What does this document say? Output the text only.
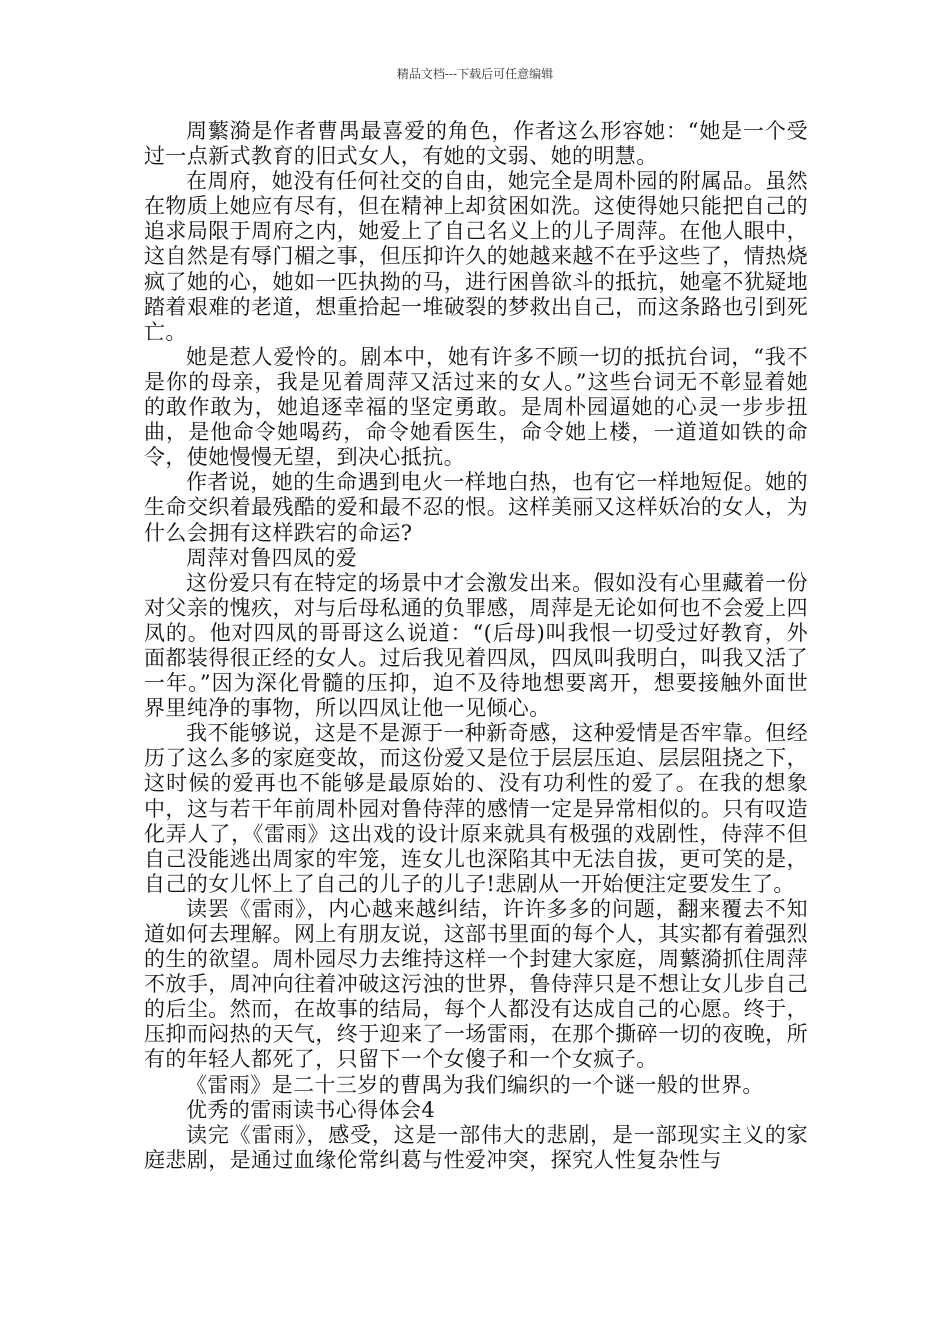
精品文档---下载后可任意编辑

周蘩漪是作者曹禺最喜爱的角色，作者这么形容她：“她是一个受过一点新式教育的旧式女人，有她的文弱、她的明慧。

在周府，她没有任何社交的自由，她完全是周朴园的附属品。虽然在物质上她应有尽有，但在精神上却贫困如洗。这使得她只能把自己的追求局限于周府之内，她爱上了自己名义上的儿子周萍。在他人眼中，这自然是有辱门楣之事，但压抑许久的她越来越不在乎这些了，情热烧疯了她的心，她如一匹执拗的马，进行困兽欲斗的抵抗，她毫不犹疑地踏着艰难的老道，想重拾起一堆破裂的梦救出自己，而这条路也引到死亡。

她是惹人爱怜的。剧本中，她有许多不顾一切的抵抗台词，“我不是你的母亲，我是见着周萍又活过来的女人。”这些台词无不彰显着她的敢作敢为，她追逐幸福的坚定勇敢。是周朴园逼她的心灵一步步扭曲，是他命令她喝药，命令她看医生，命令她上楼，一道道如铁的命令，使她慢慢无望，到决心抵抗。

作者说，她的生命遇到电火一样地白热，也有它一样地短促。她的生命交织着最残酷的爱和最不忍的恨。这样美丽又这样妖冶的女人，为什么会拥有这样跌宕的命运?

周萍对鲁四凤的爱

这份爱只有在特定的场景中才会激发出来。假如没有心里藏着一份对父亲的愧疚，对与后母私通的负罪感，周萍是无论如何也不会爱上四凤的。他对四凤的哥哥这么说道：“(后母)叫我恨一切受过好教育，外面都装得很正经的女人。过后我见着四凤，四凤叫我明白，叫我又活了一年。”因为深化骨髓的压抑，迫不及待地想要离开，想要接触外面世界里纯净的事物，所以四凤让他一见倾心。

我不能够说，这是不是源于一种新奇感，这种爱情是否牢靠。但经历了这么多的家庭变故，而这份爱又是位于层层压迫、层层阻挠之下，这时候的爱再也不能够是最原始的、没有功利性的爱了。在我的想象中，这与若干年前周朴园对鲁侍萍的感情一定是异常相似的。只有叹造化弄人了，《雷雨》这出戏的设计原来就具有极强的戏剧性，侍萍不但自己没能逃出周家的牢笼，连女儿也深陷其中无法自拔，更可笑的是，自己的女儿怀上了自己的儿子的儿子!悲剧从一开始便注定要发生了。

读罢《雷雨》，内心越来越纠结，许许多多的问题，翻来覆去不知道如何去理解。网上有朋友说，这部书里面的每个人，其实都有着强烈的生的欲望。周朴园尽力去维持这样一个封建大家庭，周蘩漪抓住周萍不放手，周冲向往着冲破这污浊的世界，鲁侍萍只是不想让女儿步自己的后尘。然而，在故事的结局，每个人都没有达成自己的心愿。终于，压抑而闷热的天气，终于迎来了一场雷雨，在那个撕碎一切的夜晚，所有的年轻人都死了，只留下一个女傻子和一个女疯子。

《雷雨》是二十三岁的曹禺为我们编织的一个谜一般的世界。

优秀的雷雨读书心得体会4

读完《雷雨》，感受，这是一部伟大的悲剧，是一部现实主义的家庭悲剧，是通过血缘伦常纠葛与性爱冲突，探究人性复杂性与
